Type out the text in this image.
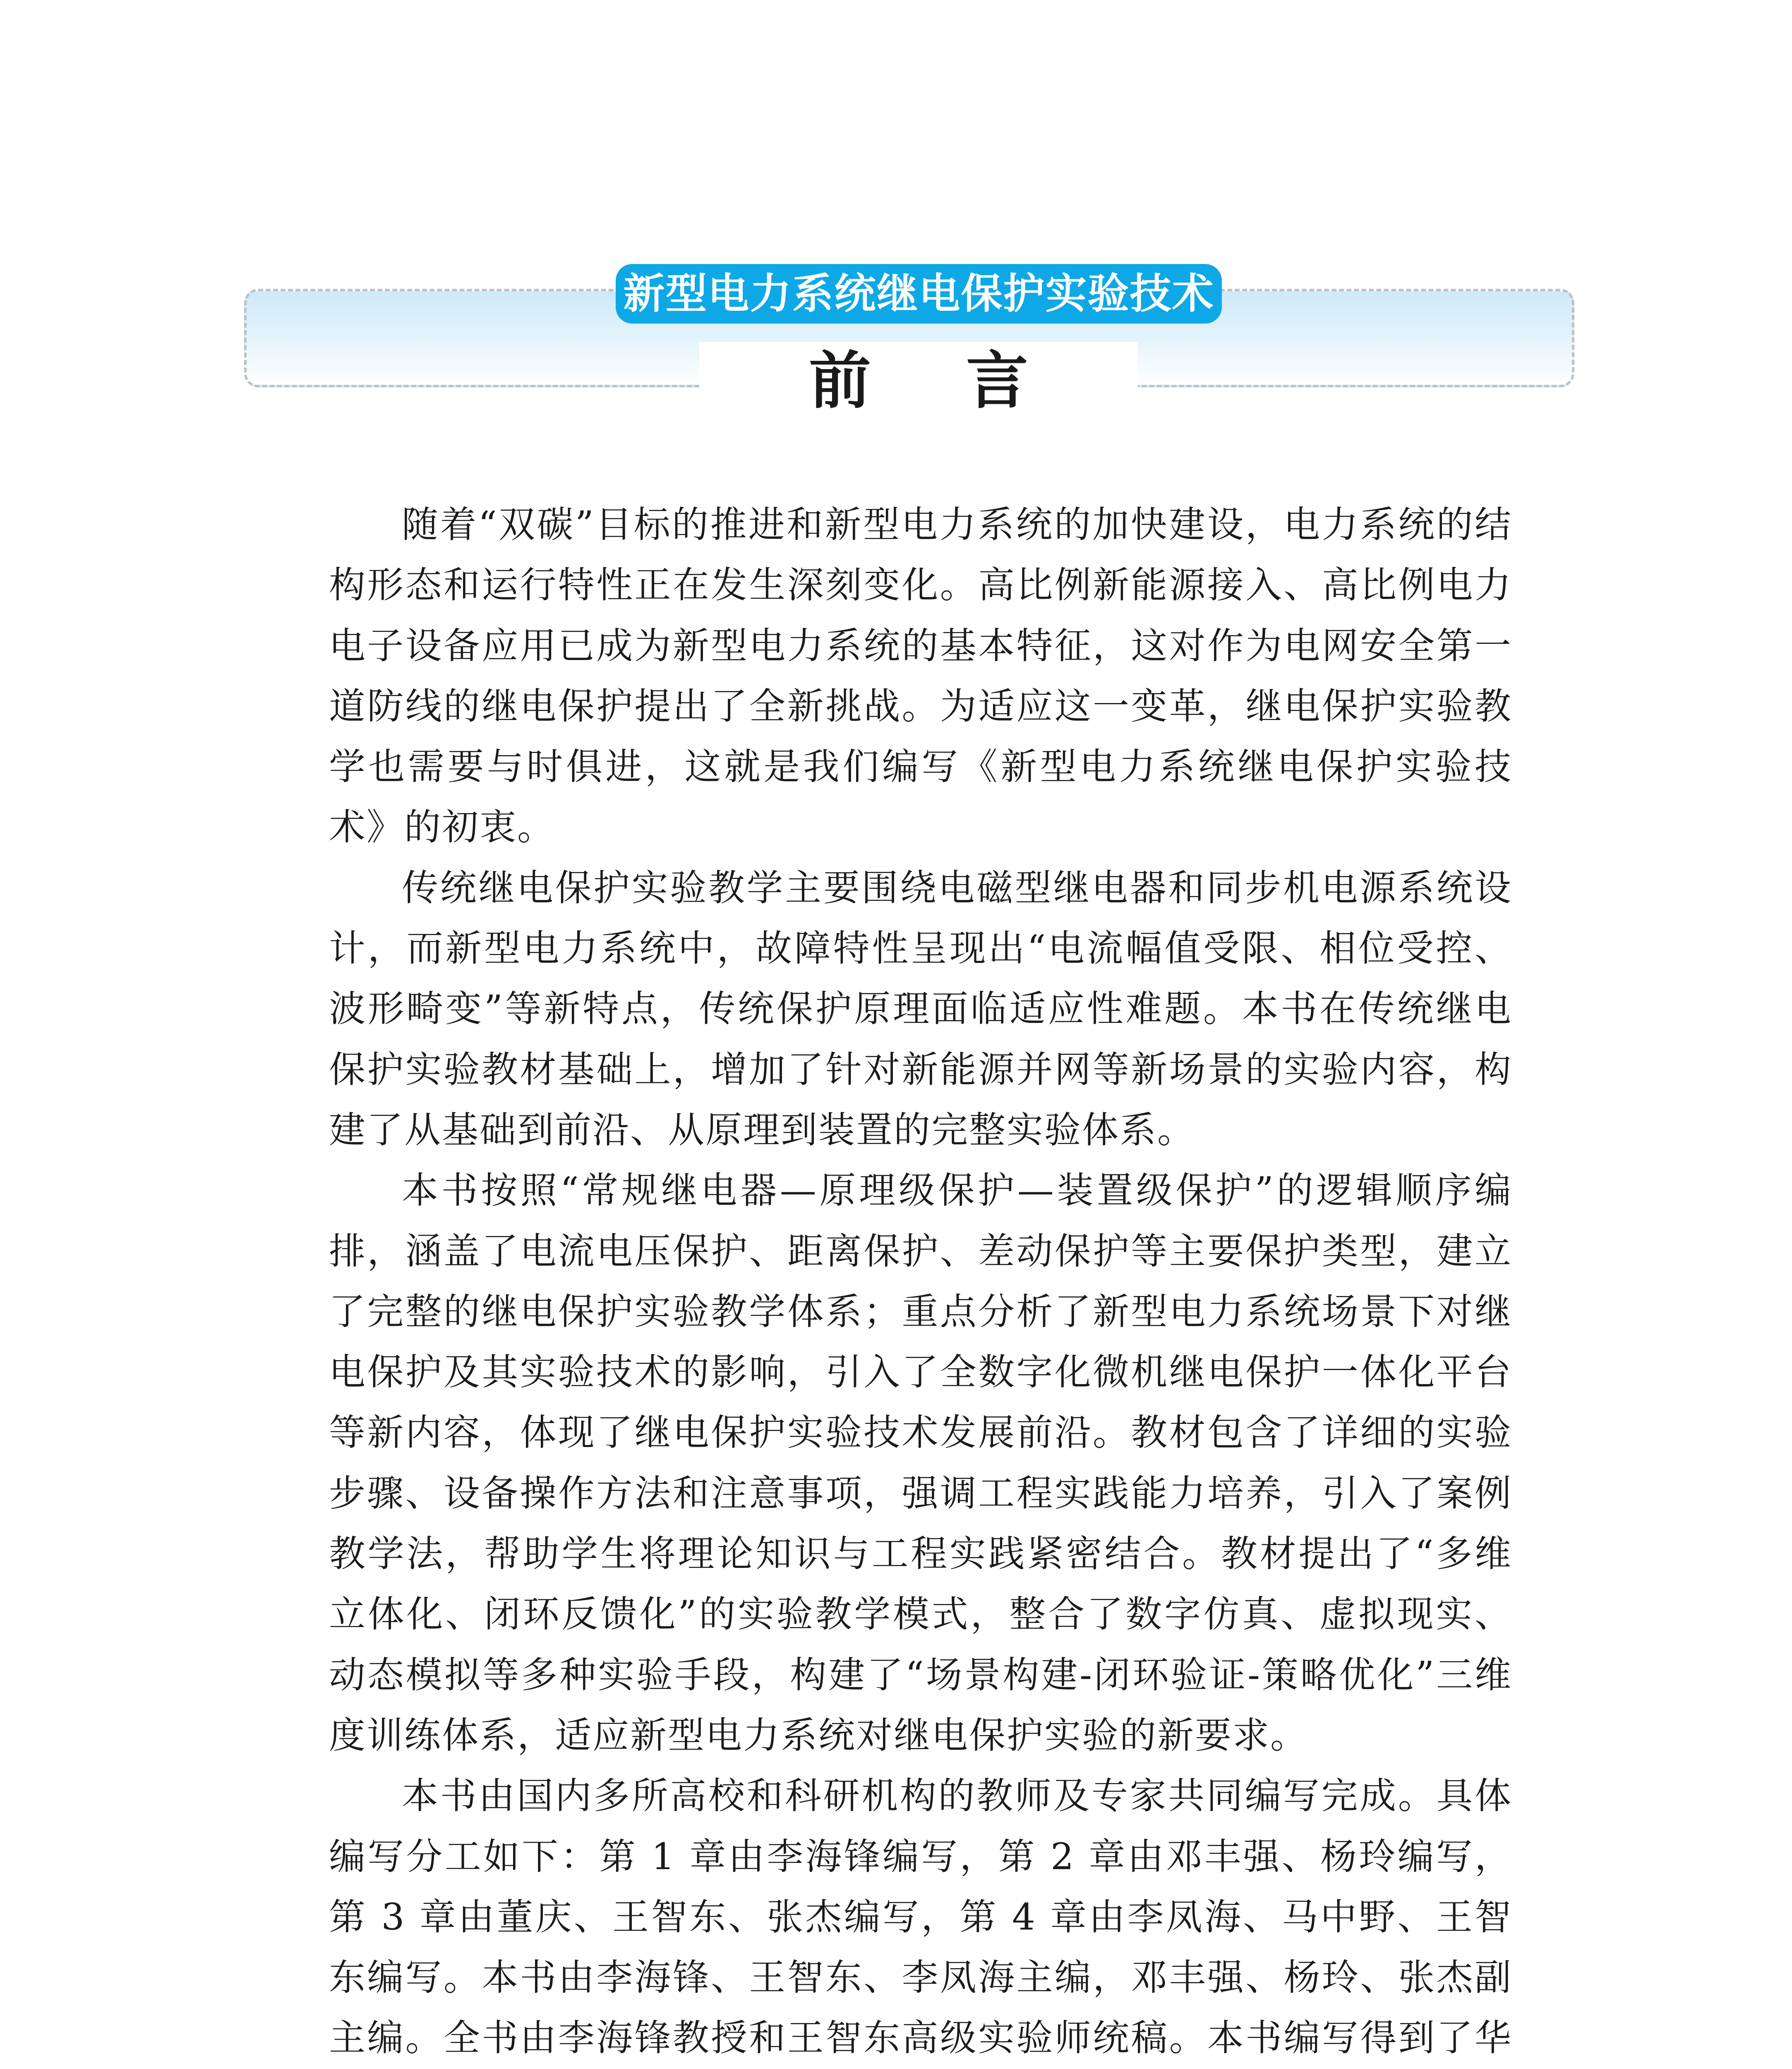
新型电力系统继电保护实验技术
前言

随着“双碳”目标的推进和新型电力系统的加快建设，电力系统的结构形态和运行特性正在发生深刻变化。高比例新能源接入、高比例电力电子设备应用已成为新型电力系统的基本特征，这对作为电网安全第一道防线的继电保护提出了全新挑战。为适应这一变革，继电保护实验教学也需要与时俱进，这就是我们编写《新型电力系统继电保护实验技术》的初衷。

传统继电保护实验教学主要围绕电磁型继电器和同步机电源系统设计，而新型电力系统中，故障特性呈现出“电流幅值受限、相位受控、波形畸变”等新特点，传统保护原理面临适应性难题。本书在传统继电保护实验教材基础上，增加了针对新能源并网等新场景的实验内容，构建了从基础到前沿、从原理到装置的完整实验体系。

本书按照“常规继电器—原理级保护—装置级保护”的逻辑顺序编排，涵盖了电流电压保护、距离保护、差动保护等主要保护类型，建立了完整的继电保护实验教学体系；重点分析了新型电力系统场景下对继电保护及其实验技术的影响，引入了全数字化微机继电保护一体化平台等新内容，体现了继电保护实验技术发展前沿。教材包含了详细的实验步骤、设备操作方法和注意事项，强调工程实践能力培养，引入了案例教学法，帮助学生将理论知识与工程实践紧密结合。教材提出了“多维立体化、闭环反馈化”的实验教学模式，整合了数字仿真、虚拟现实、动态模拟等多种实验手段，构建了“场景构建-闭环验证-策略优化”三维度训练体系，适应新型电力系统对继电保护实验的新要求。

本书由国内多所高校和科研机构的教师及专家共同编写完成。具体编写分工如下：第 1 章由李海锋编写，第 2 章由邓丰强、杨玲编写，第 3 章由董庆、王智东、张杰编写，第 4 章由李凤海、马中野、王智东编写。本书由李海锋、王智东、李凤海主编，邓丰强、杨玲、张杰副主编。全书由李海锋教授和王智东高级实验师统稿。本书编写得到了华
